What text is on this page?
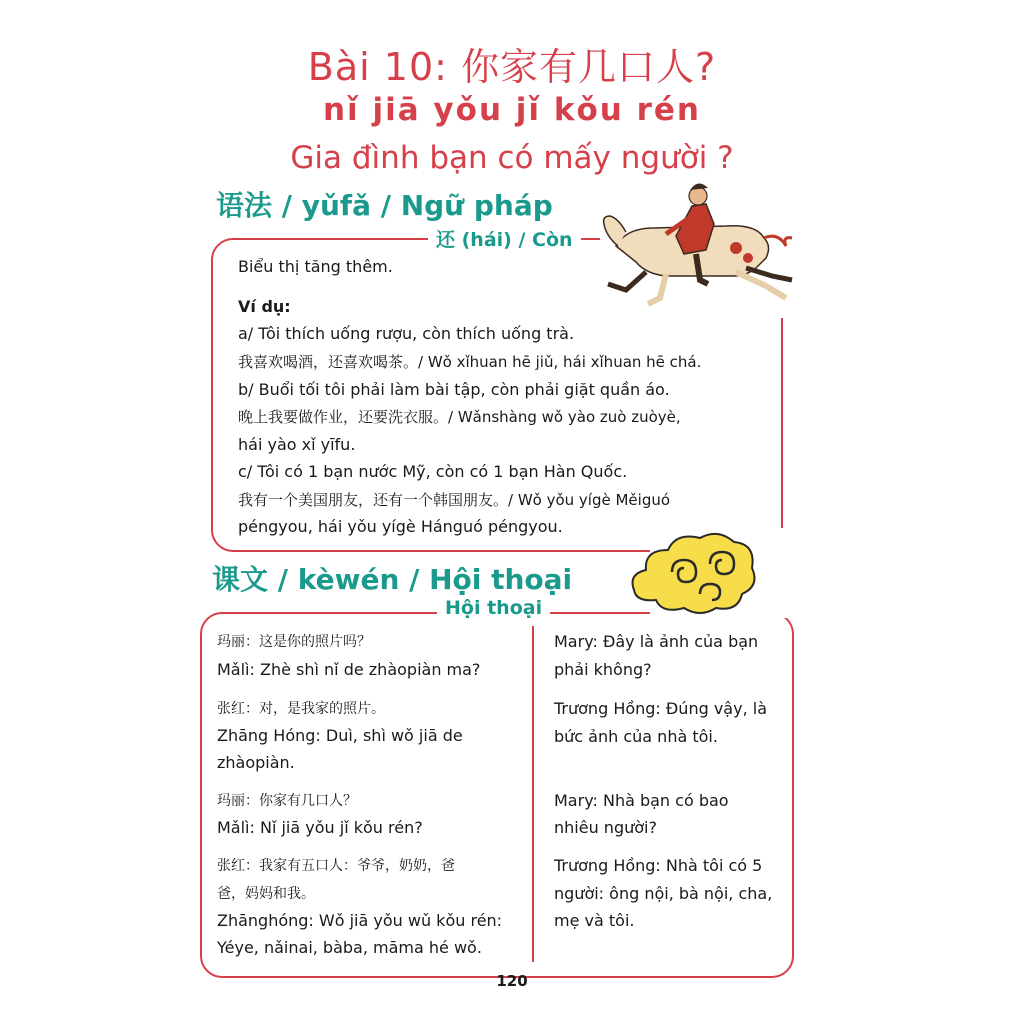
Bài 10: 你家有几口人?
nǐ jiā yǒu jǐ kǒu rén
Gia đình bạn có mấy người ?
语法 / yǔfǎ / Ngữ pháp
还 (hái) / Còn
Biểu thị tăng thêm.
Ví dụ:
a/ Tôi thích uống rượu, còn thích uống trà.
我喜欢喝酒，还喜欢喝茶。/ Wǒ xǐhuan hē jiǔ, hái xǐhuan hē chá.
b/ Buổi tối tôi phải làm bài tập, còn phải giặt quần áo.
晚上我要做作业，还要洗衣服。/ Wǎnshàng wǒ yào zuò zuòyè,
hái yào xǐ yīfu.
c/ Tôi có 1 bạn nước Mỹ, còn có 1 bạn Hàn Quốc.
我有一个美国朋友，还有一个韩国朋友。/ Wǒ yǒu yígè Měiguó
péngyou, hái yǒu yígè Hánguó péngyou.
课文 / kèwén / Hội thoại
Hội thoại
玛丽：这是你的照片吗？
Mǎlì: Zhè shì nǐ de zhàopiàn ma?
张红：对，是我家的照片。
Zhāng Hóng: Duì, shì wǒ jiā de
zhàopiàn.
玛丽：你家有几口人？
Mǎlì: Nǐ jiā yǒu jǐ kǒu rén?
张红：我家有五口人：爷爷，奶奶，爸
爸，妈妈和我。
Zhānghóng: Wǒ jiā yǒu wǔ kǒu rén:
Yéye, nǎinai, bàba, māma hé wǒ.
Mary: Đây là ảnh của bạn
phải không?
Trương Hồng: Đúng vậy, là
bức ảnh của nhà tôi.
Mary: Nhà bạn có bao
nhiêu người?
Trương Hồng: Nhà tôi có 5
người: ông nội, bà nội, cha,
mẹ và tôi.
120
